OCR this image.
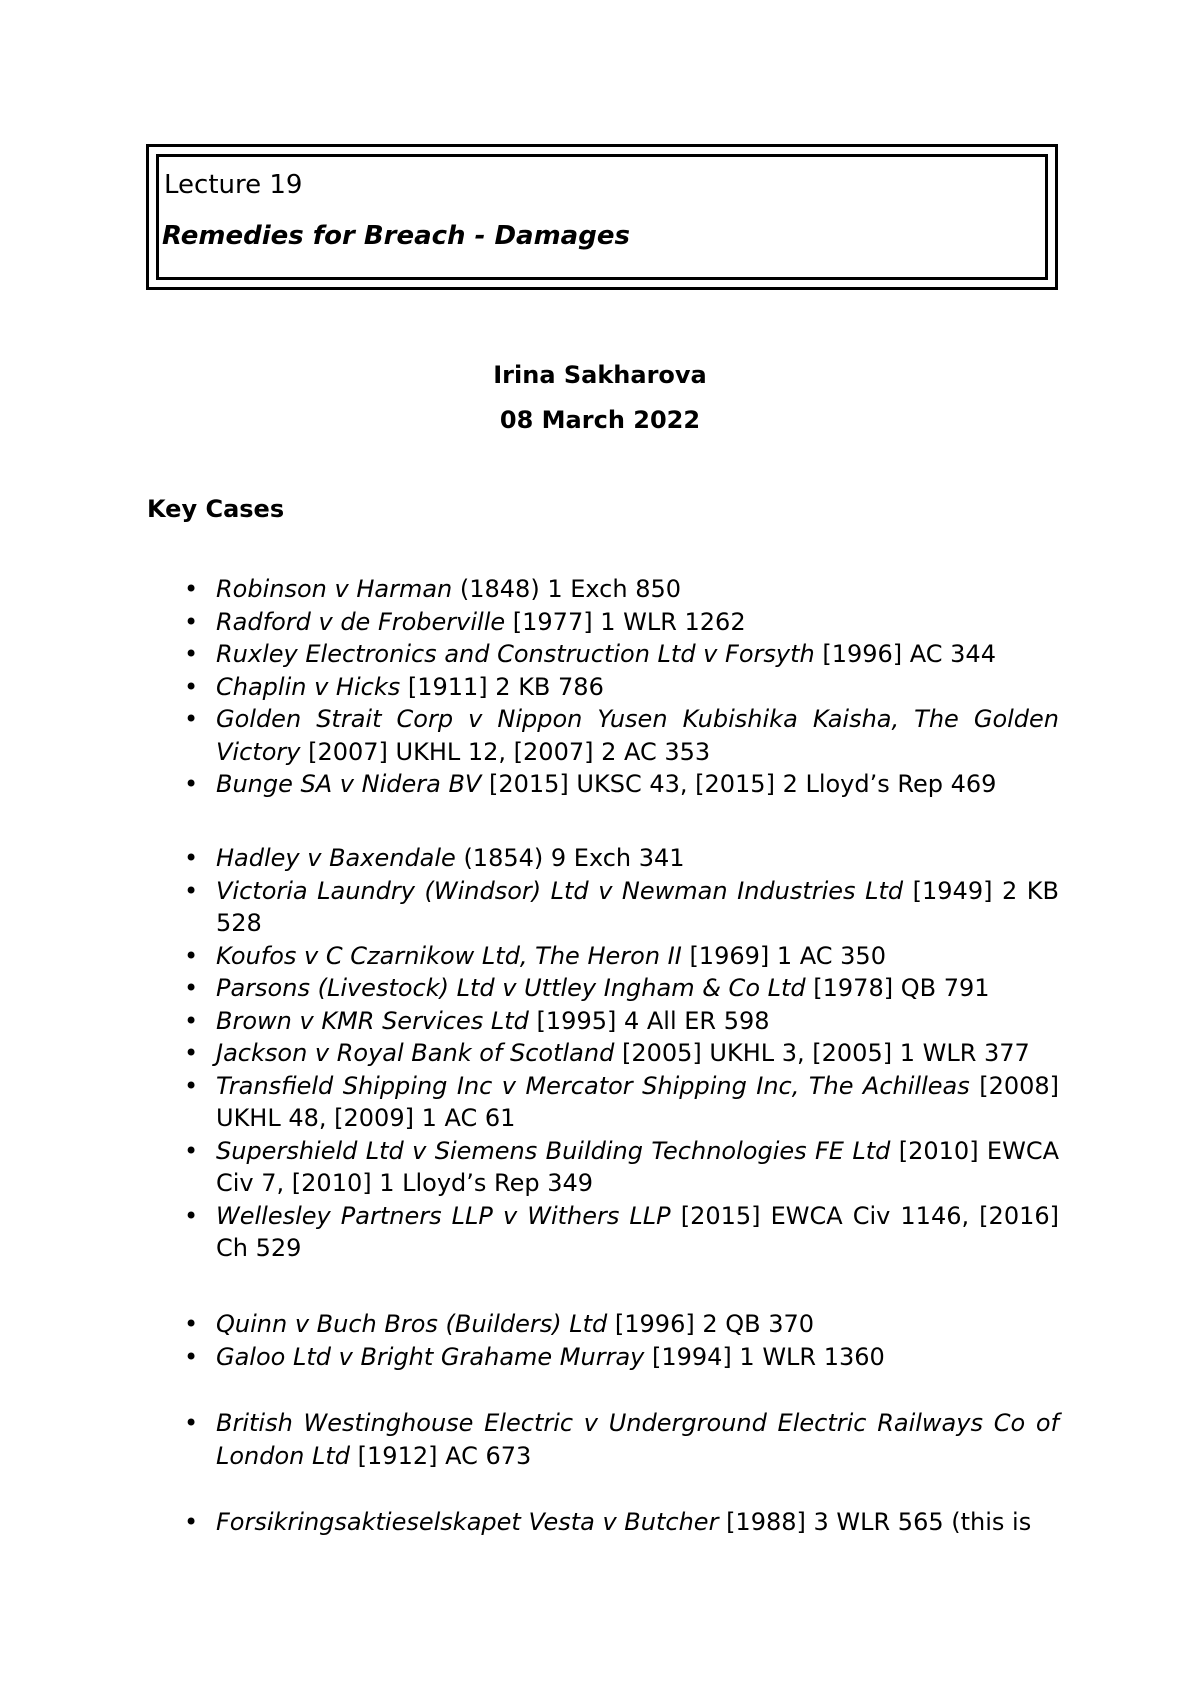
Lecture 19
Remedies for Breach - Damages
Irina Sakharova
08 March 2022
Key Cases
• Robinson v Harman (1848) 1 Exch 850
• Radford v de Froberville [1977] 1 WLR 1262
• Ruxley Electronics and Construction Ltd v Forsyth [1996] AC 344
• Chaplin v Hicks [1911] 2 KB 786
• Golden Strait Corp v Nippon Yusen Kubishika Kaisha, The Golden Victory [2007] UKHL 12, [2007] 2 AC 353
• Bunge SA v Nidera BV [2015] UKSC 43, [2015] 2 Lloyd’s Rep 469
• Hadley v Baxendale (1854) 9 Exch 341
• Victoria Laundry (Windsor) Ltd v Newman Industries Ltd [1949] 2 KB 528
• Koufos v C Czarnikow Ltd, The Heron II [1969] 1 AC 350
• Parsons (Livestock) Ltd v Uttley Ingham & Co Ltd [1978] QB 791
• Brown v KMR Services Ltd [1995] 4 All ER 598
• Jackson v Royal Bank of Scotland [2005] UKHL 3, [2005] 1 WLR 377
• Transfield Shipping Inc v Mercator Shipping Inc, The Achilleas [2008] UKHL 48, [2009] 1 AC 61
• Supershield Ltd v Siemens Building Technologies FE Ltd [2010] EWCA Civ 7, [2010] 1 Lloyd’s Rep 349
• Wellesley Partners LLP v Withers LLP [2015] EWCA Civ 1146, [2016] Ch 529
• Quinn v Buch Bros (Builders) Ltd [1996] 2 QB 370
• Galoo Ltd v Bright Grahame Murray [1994] 1 WLR 1360
• British Westinghouse Electric v Underground Electric Railways Co of London Ltd [1912] AC 673
• Forsikringsaktieselskapet Vesta v Butcher [1988] 3 WLR 565 (this is
